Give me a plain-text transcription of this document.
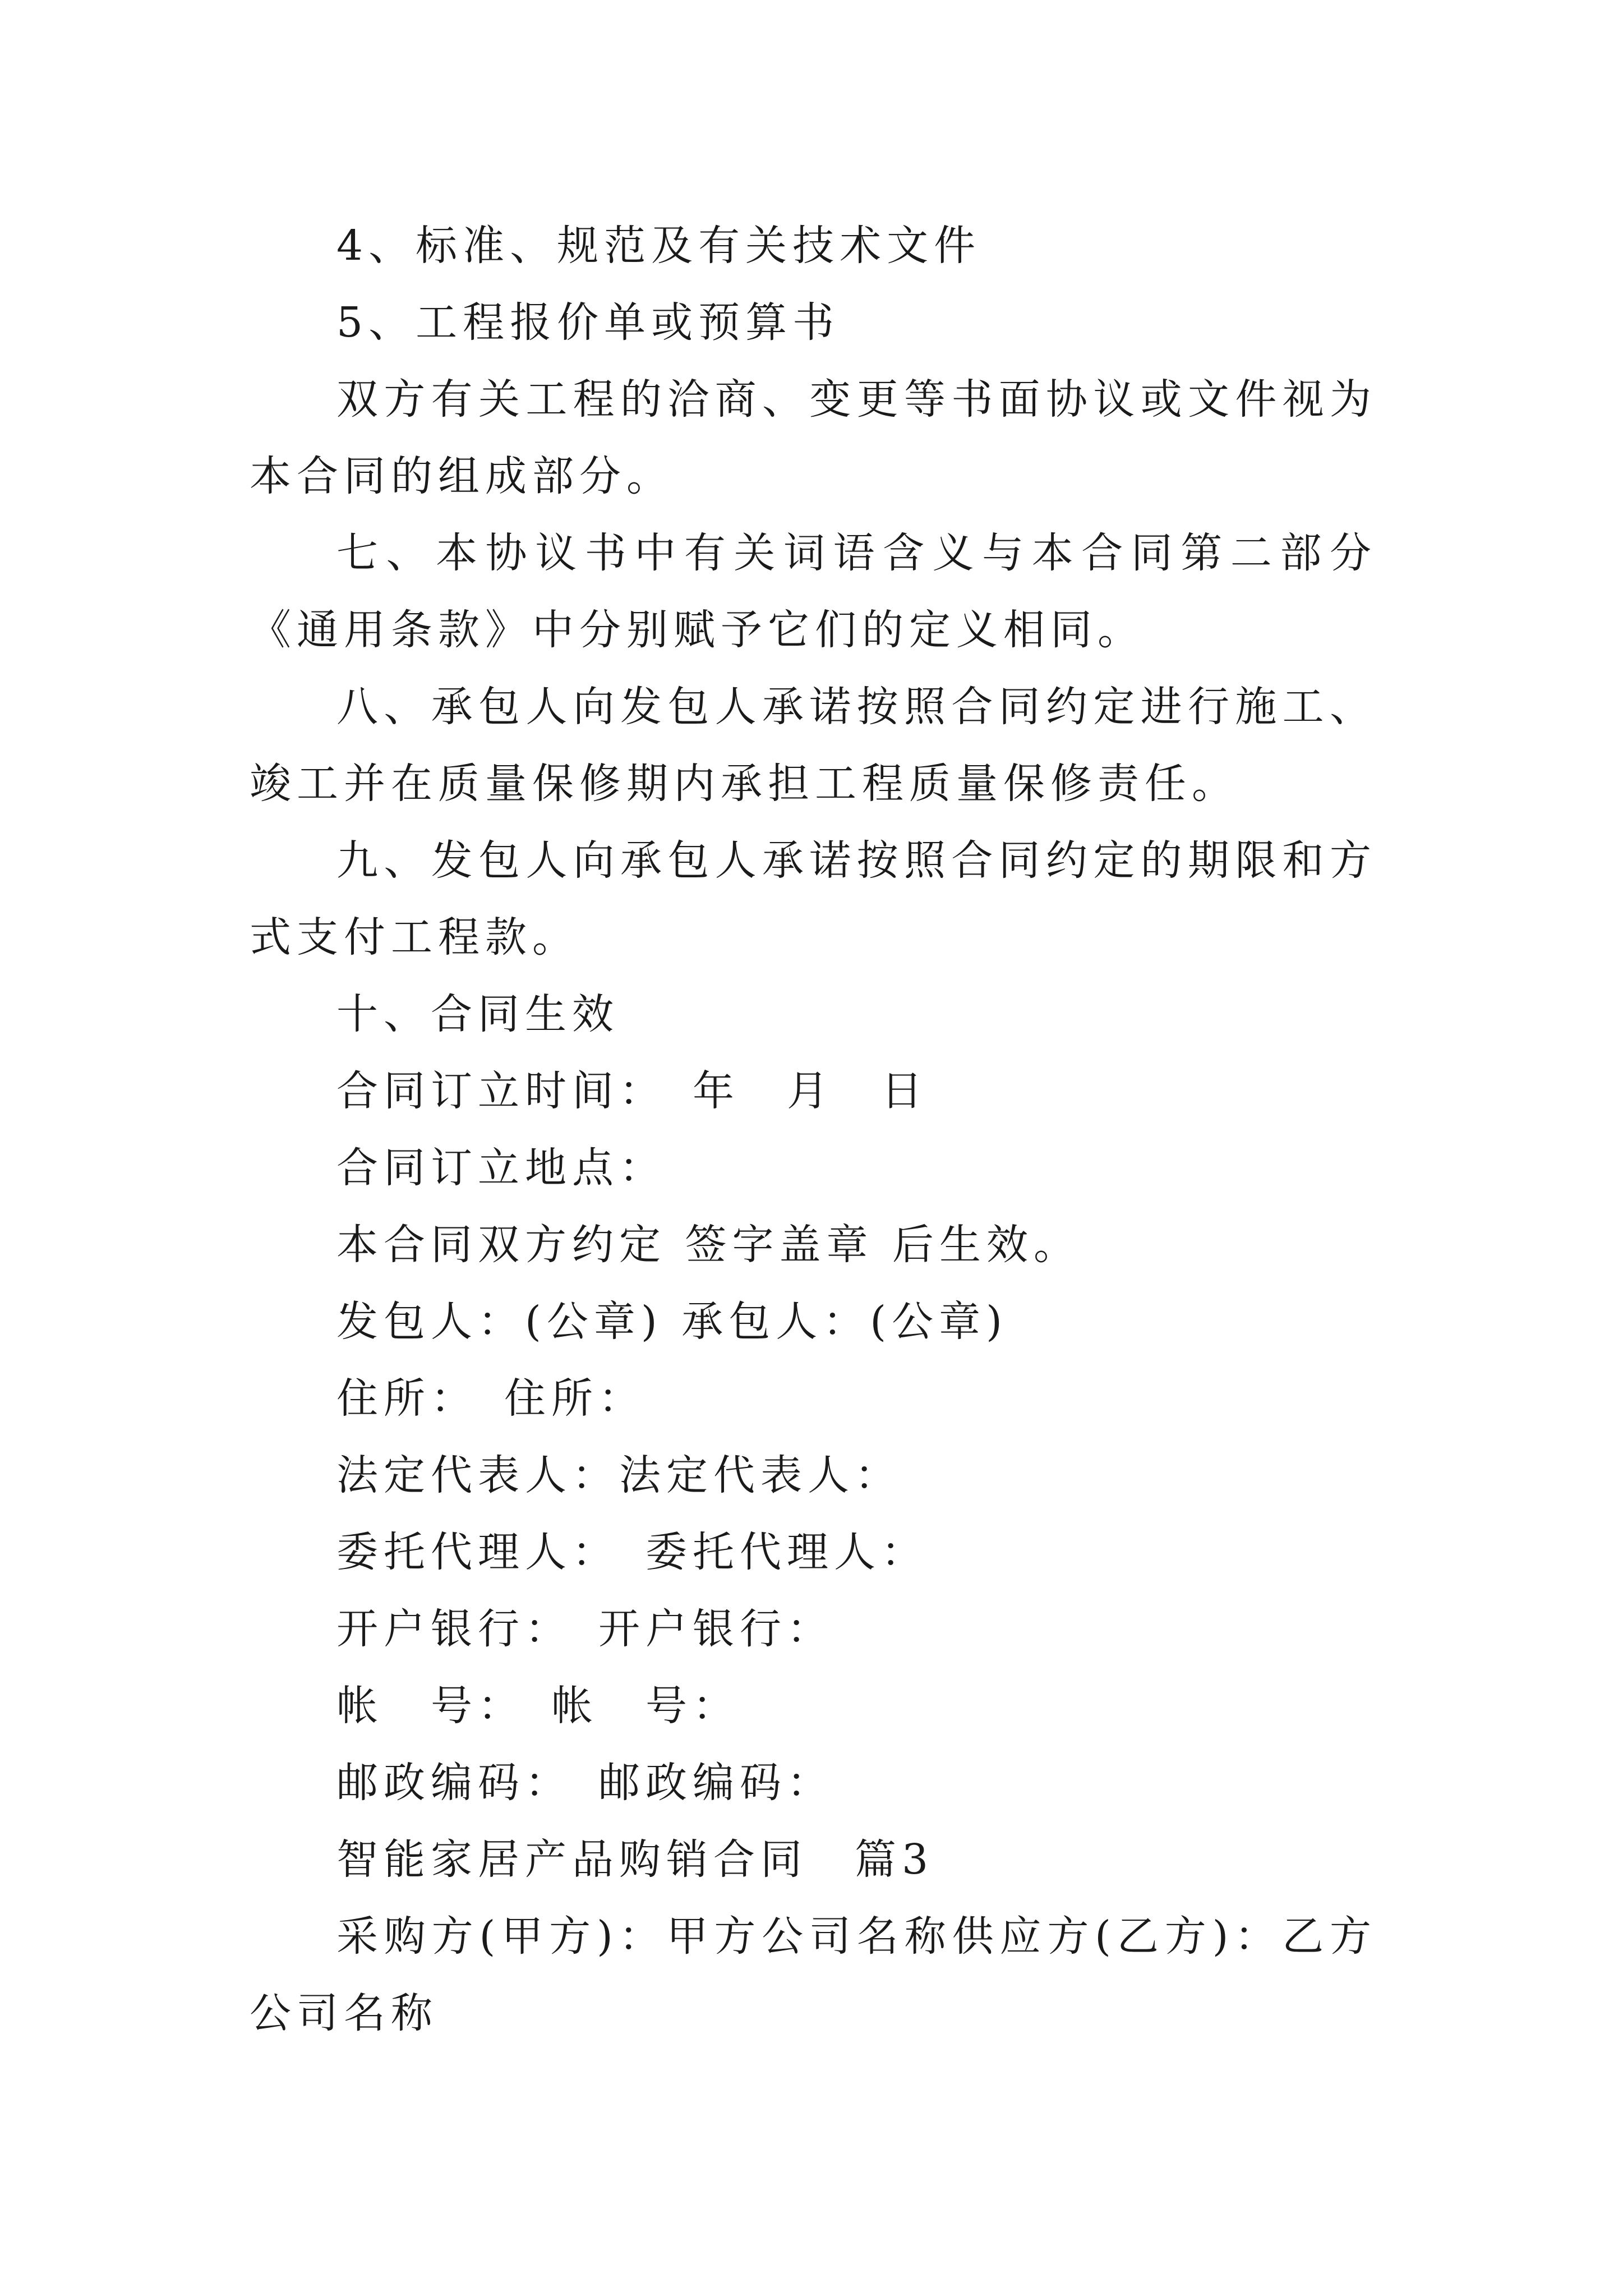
4、标准、规范及有关技术文件

5、工程报价单或预算书

双方有关工程的洽商、变更等书面协议或文件视为本合同的组成部分。

七、本协议书中有关词语含义与本合同第二部分《通用条款》中分别赋予它们的定义相同。

八、承包人向发包人承诺按照合同约定进行施工、竣工并在质量保修期内承担工程质量保修责任。

九、发包人向承包人承诺按照合同约定的期限和方式支付工程款。

十、合同生效

合同订立时间：　年　月　日

合同订立地点：

本合同双方约定 签字盖章 后生效。

发包人：(公章) 承包人：(公章)

住所：　住所：

法定代表人：法定代表人：

委托代理人：　委托代理人：

开户银行：　开户银行：

帐　号：　帐　号：

邮政编码：　邮政编码：

智能家居产品购销合同　篇3

采购方(甲方)：甲方公司名称供应方(乙方)：乙方公司名称
